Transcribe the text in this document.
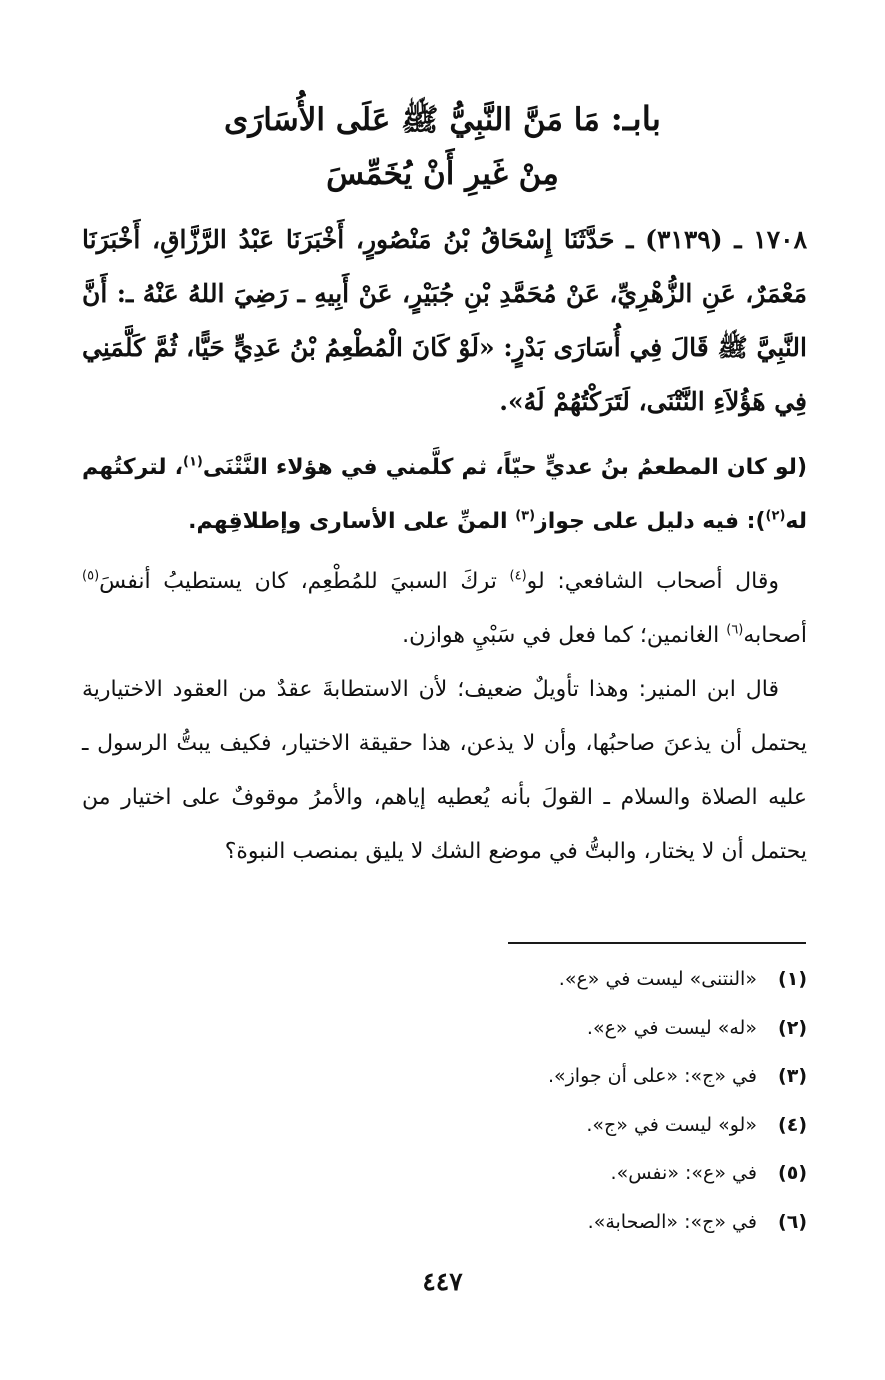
بابـ: مَا مَنَّ النَّبِيُّ ﷺ عَلَى الأُسَارَى
مِنْ غَيرِ أَنْ يُخَمِّسَ

١٧٠٨ ـ (٣١٣٩) ـ حَدَّثَنَا إِسْحَاقُ بْنُ مَنْصُورٍ، أَخْبَرَنَا عَبْدُ الرَّزَّاقِ، أَخْبَرَنَا مَعْمَرٌ، عَنِ الزُّهْرِيِّ، عَنْ مُحَمَّدِ بْنِ جُبَيْرٍ، عَنْ أَبِيهِ ـ رَضِيَ اللهُ عَنْهُ ـ: أَنَّ النَّبِيَّ ﷺ قَالَ فِي أُسَارَى بَدْرٍ: «لَوْ كَانَ الْمُطْعِمُ بْنُ عَدِيٍّ حَيًّا، ثُمَّ كَلَّمَنِي فِي هَؤُلاَءِ النَّتْنَى، لَتَرَكْتُهُمْ لَهُ».

(لو كان المطعمُ بنُ عديٍّ حيّاً، ثم كلَّمني في هؤلاء النَّتْنَى$^{(١)}$، لتركتُهم له$^{(٢)}$): فيه دليل على جواز$^{(٣)}$ المنِّ على الأسارى وإطلاقِهم.

وقال أصحاب الشافعي: لو$^{(٤)}$ تركَ السبيَ للمُطْعِم، كان يستطيبُ أنفسَ$^{(٥)}$ أصحابه$^{(٦)}$ الغانمين؛ كما فعل في سَبْيِ هوازن.

قال ابن المنير: وهذا تأويلٌ ضعيف؛ لأن الاستطابةَ عقدٌ من العقود الاختيارية يحتمل أن يذعنَ صاحبُها، وأن لا يذعن، هذا حقيقة الاختيار، فكيف يبتُّ الرسول ـ عليه الصلاة والسلام ـ القولَ بأنه يُعطيه إياهم، والأمرُ موقوفٌ على اختيار من يحتمل أن لا يختار، والبتُّ في موضع الشك لا يليق بمنصب النبوة؟

(١) «النتنى» ليست في «ع».
(٢) «له» ليست في «ع».
(٣) في «ج»: «على أن جواز».
(٤) «لو» ليست في «ج».
(٥) في «ع»: «نفس».
(٦) في «ج»: «الصحابة».
٤٤٧
